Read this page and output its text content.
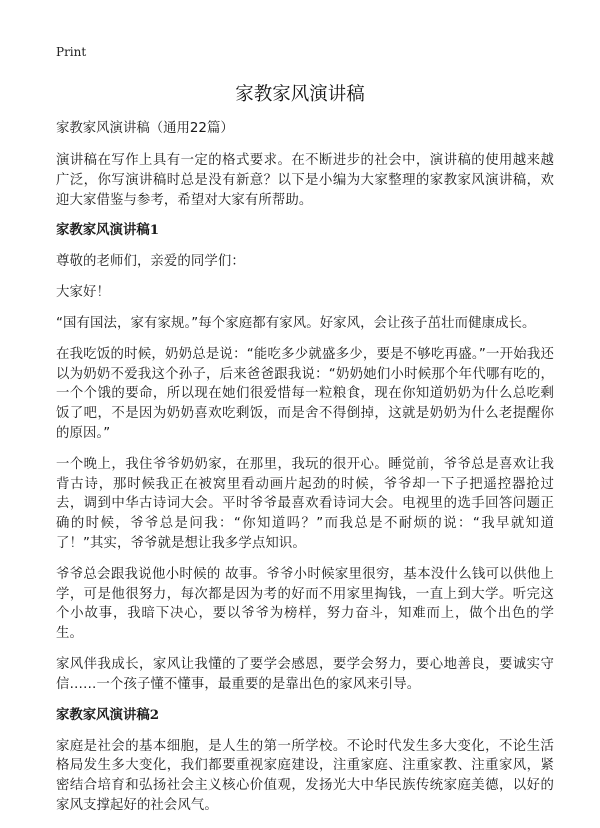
Print
家教家风演讲稿
家教家风演讲稿（通用22篇）

演讲稿在写作上具有一定的格式要求。在不断进步的社会中，演讲稿的使用越来越广泛，你写演讲稿时总是没有新意？以下是小编为大家整理的家教家风演讲稿，欢迎大家借鉴与参考，希望对大家有所帮助。

家教家风演讲稿1

尊敬的老师们，亲爱的同学们：

大家好！

“国有国法，家有家规。”每个家庭都有家风。好家风，会让孩子茁壮而健康成长。

在我吃饭的时候，奶奶总是说：“能吃多少就盛多少，要是不够吃再盛。”一开始我还以为奶奶不爱我这个孙子，后来爸爸跟我说：“奶奶她们小时候那个年代哪有吃的，一个个饿的要命，所以现在她们很爱惜每一粒粮食，现在你知道奶奶为什么总吃剩饭了吧，不是因为奶奶喜欢吃剩饭，而是舍不得倒掉，这就是奶奶为什么老提醒你的原因。”

一个晚上，我住爷爷奶奶家，在那里，我玩的很开心。睡觉前，爷爷总是喜欢让我背古诗，那时候我正在被窝里看动画片起劲的时候，爷爷却一下子把遥控器抢过去，调到中华古诗词大会。平时爷爷最喜欢看诗词大会。电视里的选手回答问题正确的时候，爷爷总是问我：“你知道吗？”而我总是不耐烦的说：“我早就知道了！”其实，爷爷就是想让我多学点知识。

爷爷总会跟我说他小时候的 故事。爷爷小时候家里很穷，基本没什么钱可以供他上学，可是他很努力，每次都是因为考的好而不用家里掏钱，一直上到大学。听完这个小故事，我暗下决心，要以爷爷为榜样，努力奋斗，知难而上，做个出色的学生。

家风伴我成长，家风让我懂的了要学会感恩，要学会努力，要心地善良，要诚实守信……一个孩子懂不懂事，最重要的是靠出色的家风来引导。

家教家风演讲稿2

家庭是社会的基本细胞，是人生的第一所学校。不论时代发生多大变化，不论生活格局发生多大变化，我们都要重视家庭建设，注重家庭、注重家教、注重家风，紧密结合培育和弘扬社会主义核心价值观，发扬光大中华民族传统家庭美德，以好的家风支撑起好的社会风气。
